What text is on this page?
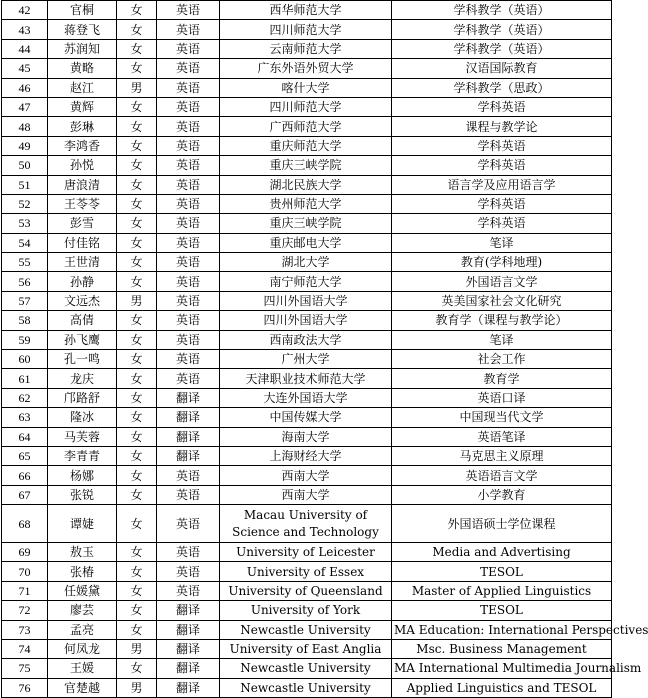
42	官桐	女	英语	西华师范大学	学科教学（英语）
43	蒋登飞	女	英语	四川师范大学	学科教学（英语）
44	苏润知	女	英语	云南师范大学	学科教学（英语）
45	黄略	女	英语	广东外语外贸大学	汉语国际教育
46	赵江	男	英语	喀什大学	学科教学（思政）
47	黄辉	女	英语	四川师范大学	学科英语
48	彭琳	女	英语	广西师范大学	课程与教学论
49	李鸿香	女	英语	重庆师范大学	学科英语
50	孙悦	女	英语	重庆三峡学院	学科英语
51	唐浪清	女	英语	湖北民族大学	语言学及应用语言学
52	王苓苓	女	英语	贵州师范大学	学科英语
53	彭雪	女	英语	重庆三峡学院	学科英语
54	付佳铭	女	英语	重庆邮电大学	笔译
55	王世清	女	英语	湖北大学	教育(学科地理)
56	孙静	女	英语	南宁师范大学	外国语言文学
57	文远杰	男	英语	四川外国语大学	英美国家社会文化研究
58	高倩	女	英语	四川外国语大学	教育学（课程与教学论）
59	孙飞鹰	女	英语	西南政法大学	笔译
60	孔一鸣	女	英语	广州大学	社会工作
61	龙庆	女	英语	天津职业技术师范大学	教育学
62	邝路舒	女	翻译	大连外国语大学	英语口译
63	隆冰	女	翻译	中国传媒大学	中国现当代文学
64	马芙蓉	女	翻译	海南大学	英语笔译
65	李青青	女	翻译	上海财经大学	马克思主义原理
66	杨娜	女	英语	西南大学	英语语言文学
67	张锐	女	英语	西南大学	小学教育
68	谭婕	女	英语	Macau University of Science and Technology	外国语硕士学位课程
69	敖玉	女	英语	University of Leicester	Media and Advertising
70	张椿	女	英语	University of Essex	TESOL
71	任媛黛	女	英语	University of Queensland	Master of Applied Linguistics
72	廖芸	女	翻译	University of York	TESOL
73	孟亮	女	翻译	Newcastle University	MA Education: International Perspectives
74	何凤龙	男	翻译	University of East Anglia	Msc. Business Management
75	王媛	女	翻译	Newcastle University	MA International Multimedia Journalism
76	官楚越	男	翻译	Newcastle University	Applied Linguistics and TESOL
